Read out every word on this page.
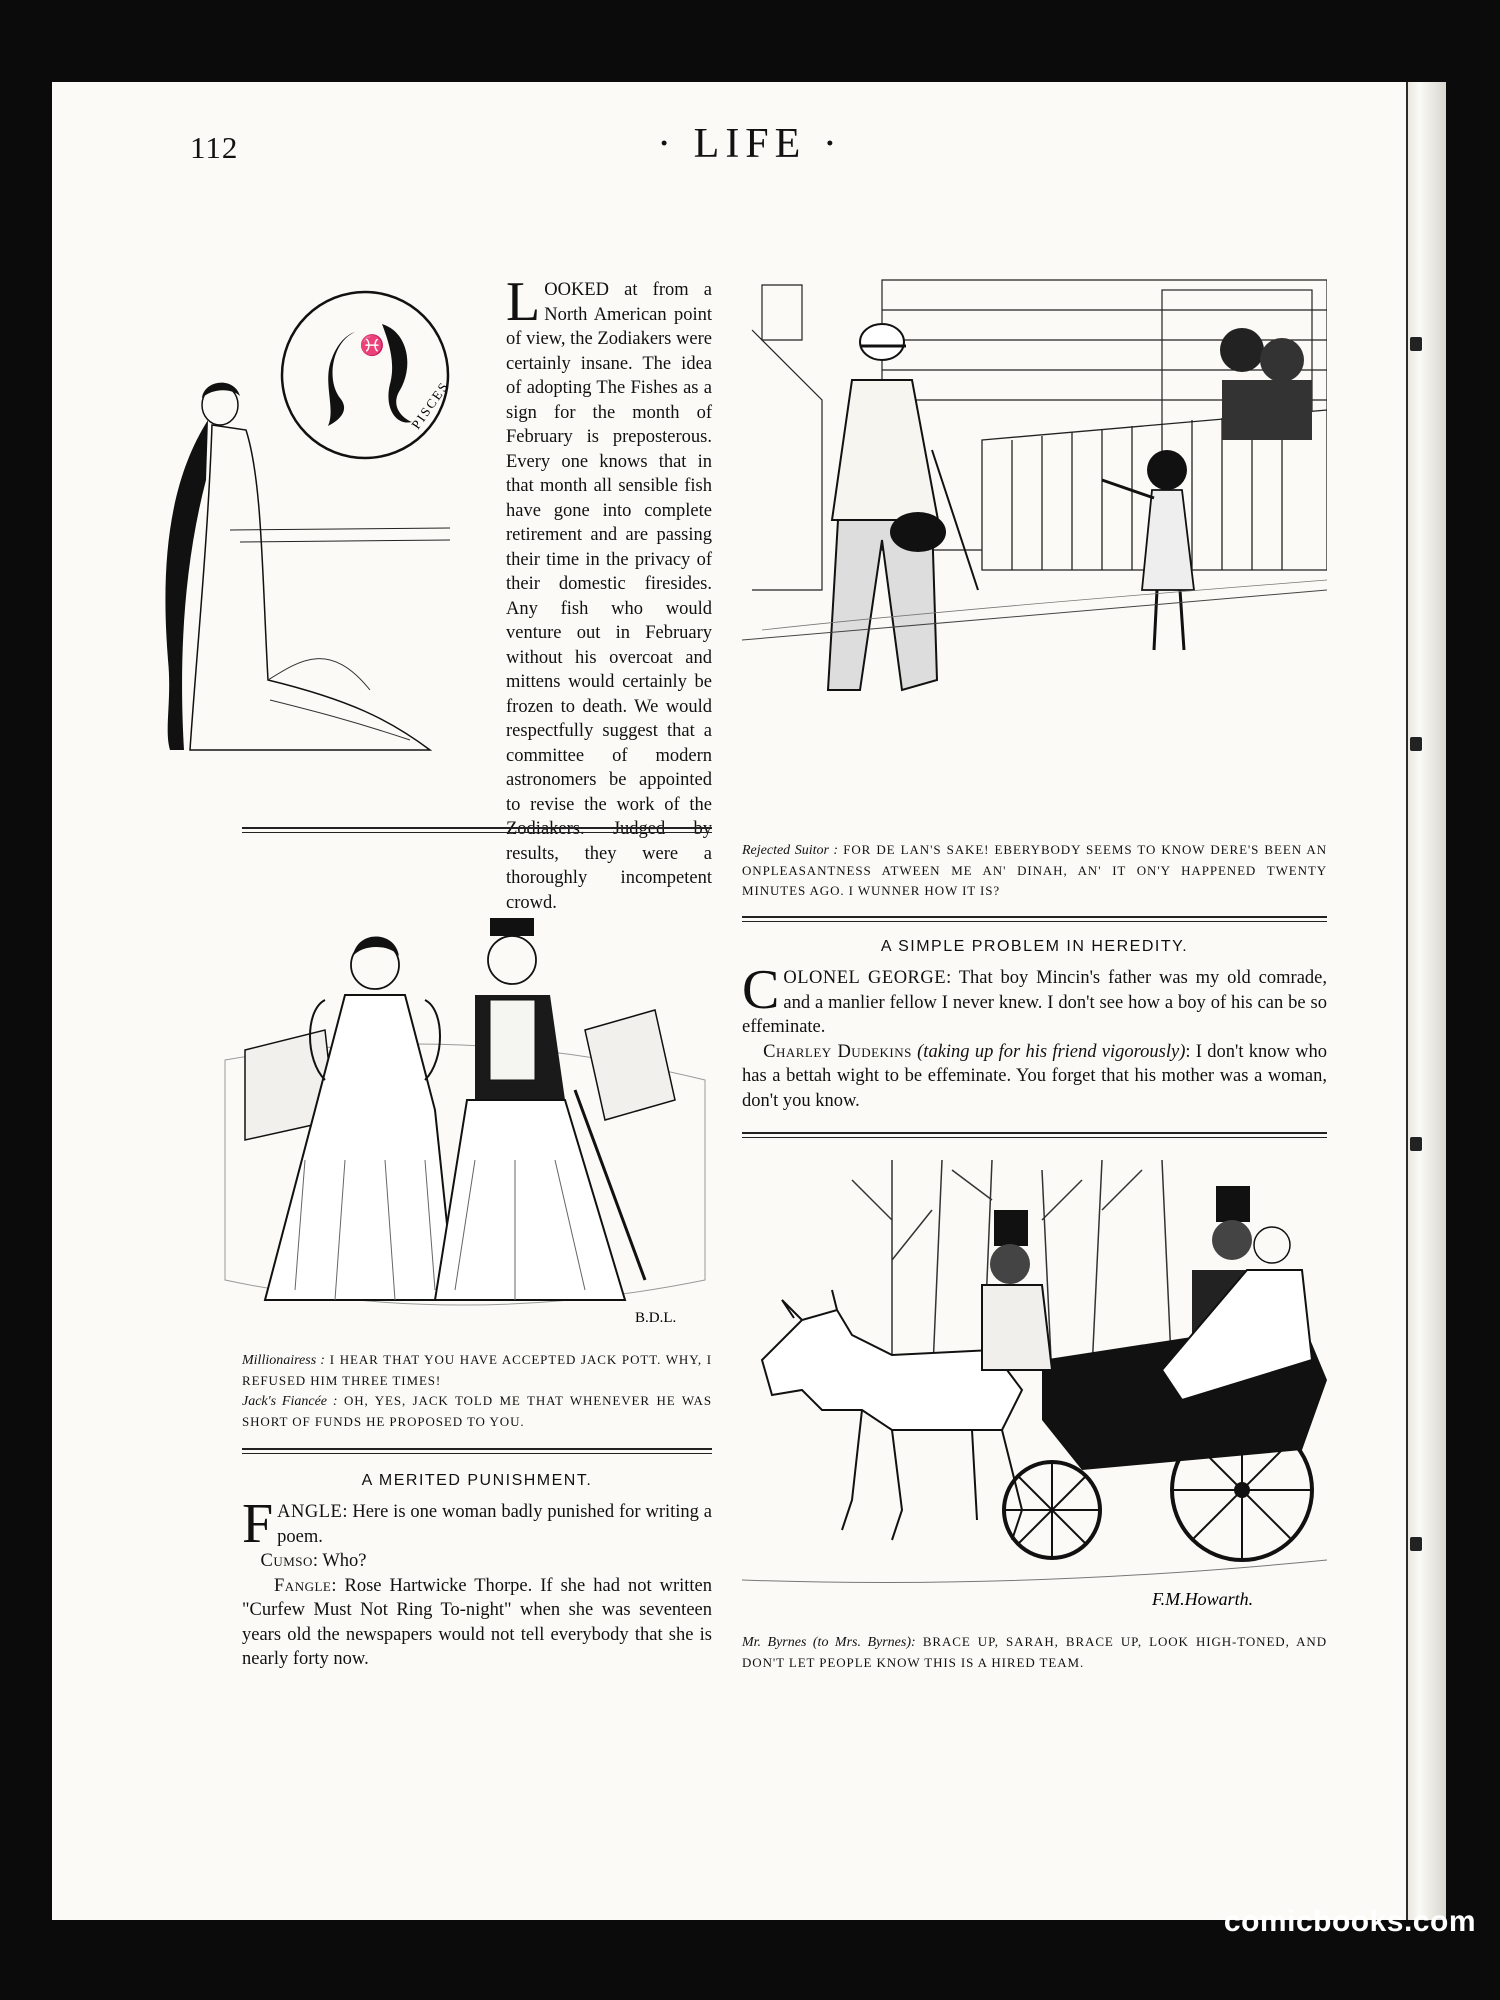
112	· LIFE ·
♓
PISCES
L OOKED at from a North American point of view, the Zodiakers were certainly insane. The idea of adopting The Fishes as a sign for the month of February is preposterous. Every one knows that in that month all sensible fish have gone into complete retirement and are passing their time in the privacy of their domestic firesides. Any fish who would venture out in February without his overcoat and mittens would certainly be frozen to death. We would respectfully suggest that a committee of modern astronomers be appointed to revise the work of the Zodiakers. Judged by results, they were a thoroughly incompetent crowd.
Rejected Suitor : FOR DE LAN'S SAKE! EBERYBODY SEEMS TO KNOW DERE'S BEEN AN ONPLEASANTNESS ATWEEN ME AN' DINAH, AN' IT ON'Y HAPPENED TWENTY MINUTES AGO. I WUNNER HOW IT IS?
A SIMPLE PROBLEM IN HEREDITY.
C OLONEL GEORGE: That boy Mincin's father was my old comrade, and a manlier fellow I never knew. I don't see how a boy of his can be so effeminate.
Charley Dudekins (taking up for his friend vigorously): I don't know who has a bettah wight to be effeminate. You forget that his mother was a woman, don't you know.
B.D.L.
Millionairess : I HEAR THAT YOU HAVE ACCEPTED JACK POTT. WHY, I REFUSED HIM THREE TIMES!
Jack's Fiancée : OH, YES, JACK TOLD ME THAT WHENEVER HE WAS SHORT OF FUNDS HE PROPOSED TO YOU.
A MERITED PUNISHMENT.
F ANGLE: Here is one woman badly punished for writing a poem.
Cumso: Who?
Fangle: Rose Hartwicke Thorpe. If she had not written "Curfew Must Not Ring To-night" when she was seventeen years old the newspapers would not tell everybody that she is nearly forty now.
F.M.Howarth.
Mr. Byrnes (to Mrs. Byrnes): BRACE UP, SARAH, BRACE UP, LOOK HIGH-TONED, AND DON'T LET PEOPLE KNOW THIS IS A HIRED TEAM.
comicbooks.com
